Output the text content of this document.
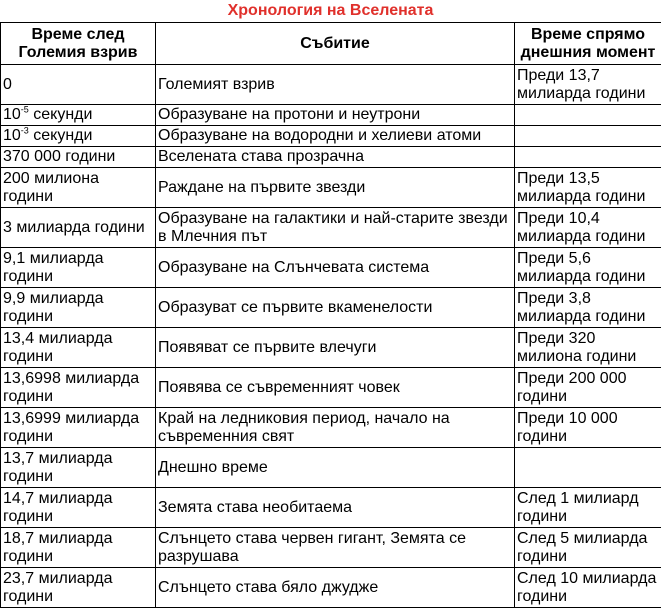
Хронология на Вселената
Време след Големия взрив	Събитие	Време спрямо днешния момент
0	Големият взрив	Преди 13,7 милиарда години
$10^{-5}$ секунди	Образуване на протони и неутрони	
$10^{-3}$ секунди	Образуване на водородни и хелиеви атоми	
370 000 години	Вселената става прозрачна	
200 милиона години	Раждане на първите звезди	Преди 13,5 милиарда години
3 милиарда години	Образуване на галактики и най-старите звезди в Млечния път	Преди 10,4 милиарда години
9,1 милиарда години	Образуване на Слънчевата система	Преди 5,6 милиарда години
9,9 милиарда години	Образуват се първите вкаменелости	Преди 3,8 милиарда години
13,4 милиарда години	Появяват се първите влечуги	Преди 320 милиона години
13,6998 милиарда години	Появява се съвременният човек	Преди 200 000 години
13,6999 милиарда години	Край на ледниковия период, начало на съвременния свят	Преди 10 000 години
13,7 милиарда години	Днешно време	
14,7 милиарда години	Земята става необитаема	След 1 милиард години
18,7 милиарда години	Слънцето става червен гигант, Земята се разрушава	След 5 милиарда години
23,7 милиарда години	Слънцето става бяло джудже	След 10 милиарда години
